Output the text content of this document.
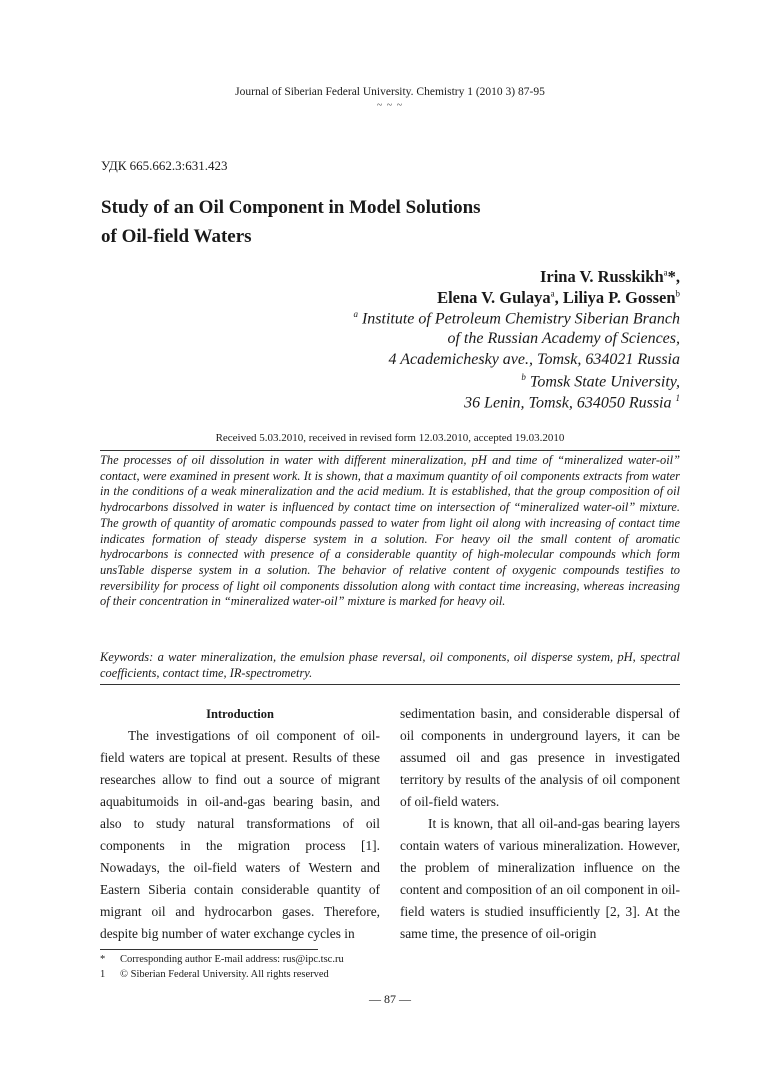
Journal of Siberian Federal University. Chemistry 1 (2010 3) 87-95
~ ~ ~
УДК 665.662.3:631.423
Study of an Oil Component in Model Solutions
of Oil-field Waters
Irina V. Russkikh$^a$*,
Elena V. Gulaya$^a$, Liliya P. Gossen$^b$
$^a$ Institute of Petroleum Chemistry Siberian Branch
of the Russian Academy of Sciences,
4 Academichesky ave., Tomsk, 634021 Russia
$^b$ Tomsk State University,
36 Lenin, Tomsk, 634050 Russia $^1$
Received 5.03.2010, received in revised form 12.03.2010, accepted 19.03.2010

The processes of oil dissolution in water with different mineralization, pH and time of “mineralized water-oil” contact, were examined in present work. It is shown, that a maximum quantity of oil components extracts from water in the conditions of a weak mineralization and the acid medium. It is established, that the group composition of oil hydrocarbons dissolved in water is influenced by contact time on intersection of “mineralized water-oil” mixture. The growth of quantity of aromatic compounds passed to water from light oil along with increasing of contact time indicates formation of steady disperse system in a solution. For heavy oil the small content of aromatic hydrocarbons is connected with presence of a considerable quantity of high-molecular compounds which form unsTable disperse system in a solution. The behavior of relative content of oxygenic compounds testifies to reversibility for process of light oil components dissolution along with contact time increasing, whereas increasing of their concentration in “mineralized water-oil” mixture is marked for heavy oil.

Keywords: a water mineralization, the emulsion phase reversal, oil components, oil disperse system, pH, spectral coefficients, contact time, IR-spectrometry.

Introduction

The investigations of oil component of oil-field waters are topical at present. Results of these researches allow to find out a source of migrant aquabitumoids in oil-and-gas bearing basin, and also to study natural transformations of oil components in the migration process [1]. Nowadays, the oil-field waters of Western and Eastern Siberia contain considerable quantity of migrant oil and hydrocarbon gases. Therefore, despite big number of water exchange cycles in

sedimentation basin, and considerable dispersal of oil components in underground layers, it can be assumed oil and gas presence in investigated territory by results of the analysis of oil component of oil-field waters.

It is known, that all oil-and-gas bearing layers contain waters of various mineralization. However, the problem of mineralization influence on the content and composition of an oil component in oil-field waters is studied insufficiently [2, 3]. At the same time, the presence of oil-origin

* Corresponding author E-mail address: rus@ipc.tsc.ru
1 © Siberian Federal University. All rights reserved
— 87 —
